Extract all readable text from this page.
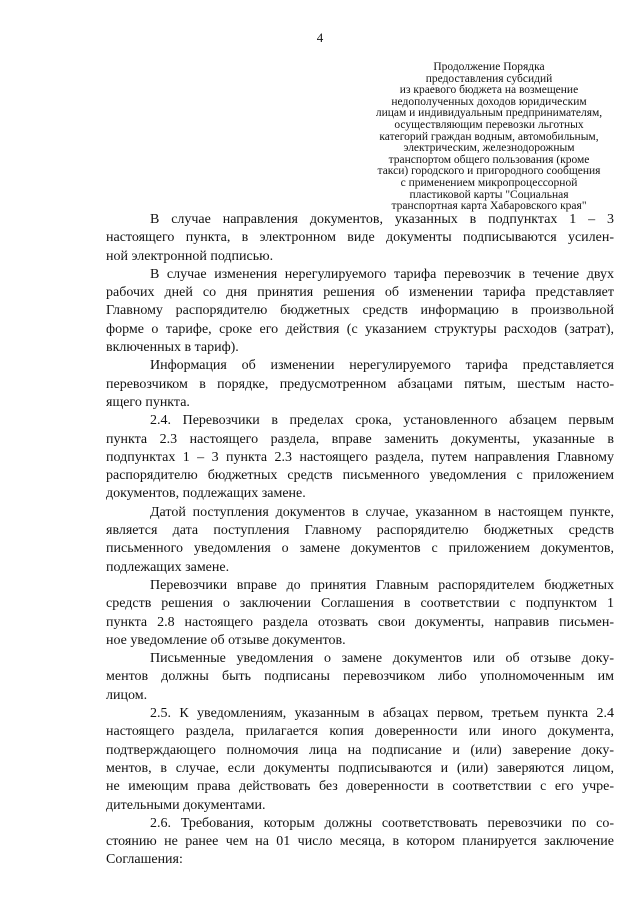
4
Продолжение Порядка
предоставления субсидий
из краевого бюджета на возмещение
недополученных доходов юридическим
лицам и индивидуальным предпринимателям,
осуществляющим перевозки льготных
категорий граждан водным, автомобильным,
электрическим, железнодорожным
транспортом общего пользования (кроме
такси) городского и пригородного сообщения
с применением микропроцессорной
пластиковой карты "Социальная
транспортная карта Хабаровского края"
В случае направления документов, указанных в подпунктах 1 – 3
настоящего пункта, в электронном виде документы подписываются усилен-
ной электронной подписью.
В случае изменения нерегулируемого тарифа перевозчик в течение двух
рабочих дней со дня принятия решения об изменении тарифа представляет
Главному распорядителю бюджетных средств информацию в произвольной
форме о тарифе, сроке его действия (с указанием структуры расходов (затрат),
включенных в тариф).
Информация об изменении нерегулируемого тарифа представляется
перевозчиком в порядке, предусмотренном абзацами пятым, шестым насто-
ящего пункта.
2.4. Перевозчики в пределах срока, установленного абзацем первым
пункта 2.3 настоящего раздела, вправе заменить документы, указанные в
подпунктах 1 – 3 пункта 2.3 настоящего раздела, путем направления Главному
распорядителю бюджетных средств письменного уведомления с приложением
документов, подлежащих замене.
Датой поступления документов в случае, указанном в настоящем пункте,
является дата поступления Главному распорядителю бюджетных средств
письменного уведомления о замене документов с приложением документов,
подлежащих замене.
Перевозчики вправе до принятия Главным распорядителем бюджетных
средств решения о заключении Соглашения в соответствии с подпунктом 1
пункта 2.8 настоящего раздела отозвать свои документы, направив письмен-
ное уведомление об отзыве документов.
Письменные уведомления о замене документов или об отзыве доку-
ментов должны быть подписаны перевозчиком либо уполномоченным им
лицом.
2.5. К уведомлениям, указанным в абзацах первом, третьем пункта 2.4
настоящего раздела, прилагается копия доверенности или иного документа,
подтверждающего полномочия лица на подписание и (или) заверение доку-
ментов, в случае, если документы подписываются и (или) заверяются лицом,
не имеющим права действовать без доверенности в соответствии с его учре-
дительными документами.
2.6. Требования, которым должны соответствовать перевозчики по со-
стоянию не ранее чем на 01 число месяца, в котором планируется заключение
Соглашения:
